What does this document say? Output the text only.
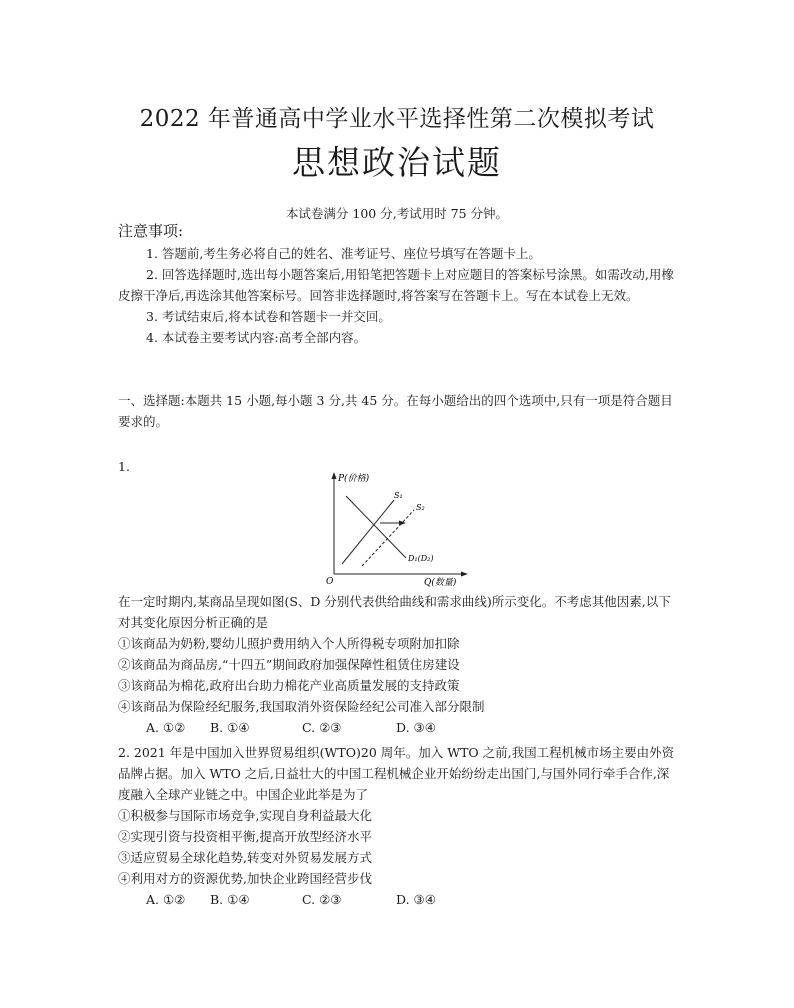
2022 年普通高中学业水平选择性第二次模拟考试
思想政治试题
本试卷满分 100 分,考试用时 75 分钟。
注意事项:

1. 答题前,考生务必将自己的姓名、准考证号、座位号填写在答题卡上。

2. 回答选择题时,选出每小题答案后,用铅笔把答题卡上对应题目的答案标号涂黑。如需改动,用橡皮擦干净后,再选涂其他答案标号。回答非选择题时,将答案写在答题卡上。写在本试卷上无效。

3. 考试结束后,将本试卷和答题卡一并交回。

4. 本试卷主要考试内容:高考全部内容。

一、选择题:本题共 15 小题,每小题 3 分,共 45 分。在每小题给出的四个选项中,只有一项是符合题目要求的。
1.
P(价格)
Q(数量)
O
S₁
S₂
D₁(D₂)

在一定时期内,某商品呈现如图(S、D 分别代表供给曲线和需求曲线)所示变化。不考虑其他因素,以下对其变化原因分析正确的是

①该商品为奶粉,婴幼儿照护费用纳入个人所得税专项附加扣除

②该商品为商品房,“十四五”期间政府加强保障性租赁住房建设

③该商品为棉花,政府出台助力棉花产业高质量发展的支持政策

④该商品为保险经纪服务,我国取消外资保险经纪公司准入部分限制

A. ①②	B. ①④	C. ②③	D. ③④

2. 2021 年是中国加入世界贸易组织(WTO)20 周年。加入 WTO 之前,我国工程机械市场主要由外资品牌占据。加入 WTO 之后,日益壮大的中国工程机械企业开始纷纷走出国门,与国外同行牵手合作,深度融入全球产业链之中。中国企业此举是为了

①积极参与国际市场竞争,实现自身利益最大化

②实现引资与投资相平衡,提高开放型经济水平

③适应贸易全球化趋势,转变对外贸易发展方式

④利用对方的资源优势,加快企业跨国经营步伐

A. ①②	B. ①④	C. ②③	D. ③④
